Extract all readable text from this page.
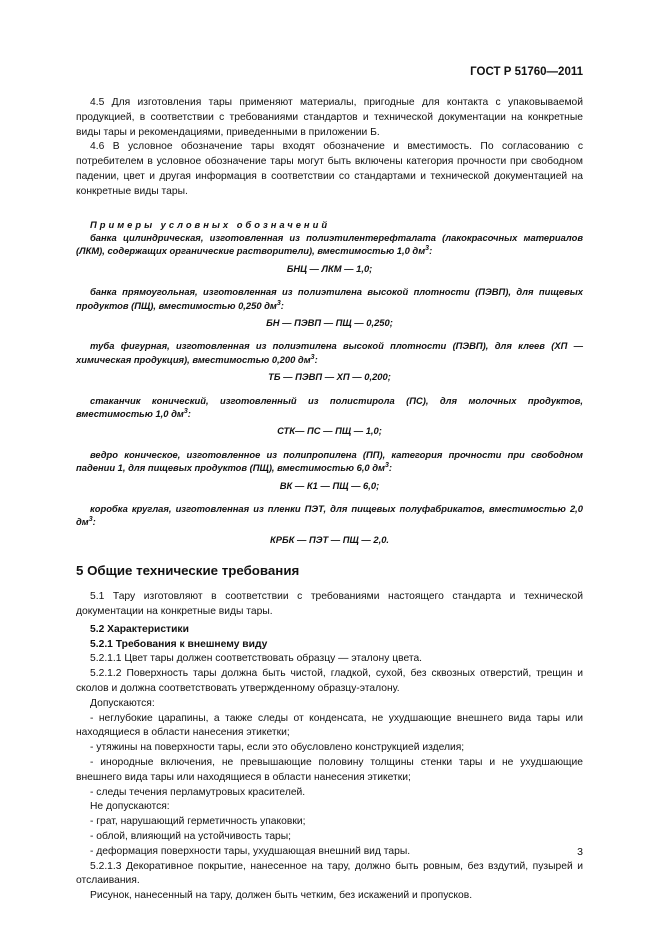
ГОСТ Р 51760—2011

4.5 Для изготовления тары применяют материалы, пригодные для контакта с упаковываемой продукцией, в соответствии с требованиями стандартов и технической документации на конкретные виды тары и рекомендациями, приведенными в приложении Б.

4.6 В условное обозначение тары входят обозначение и вместимость. По согласованию с потребителем в условное обозначение тары могут быть включены категория прочности при свободном падении, цвет и другая информация в соответствии со стандартами и технической документацией на конкретные виды тары.

Примеры условных обозначений

банка цилиндрическая, изготовленная из полиэтилентерефталата (лакокрасочных материалов (ЛКМ), содержащих органические растворители), вместимостью 1,0 $дм^3$:

БНЦ — ЛКМ — 1,0;

банка прямоугольная, изготовленная из полиэтилена высокой плотности (ПЭВП), для пищевых продуктов (ПЩ), вместимостью 0,250 $дм^3$:

БН — ПЭВП — ПЩ — 0,250;

туба фигурная, изготовленная из полиэтилена высокой плотности (ПЭВП), для клеев (ХП — химическая продукция), вместимостью 0,200 $дм^3$:

ТБ — ПЭВП — ХП — 0,200;

стаканчик конический, изготовленный из полистирола (ПС), для молочных продуктов, вместимостью 1,0 $дм^3$:

СТК— ПС — ПЩ — 1,0;

ведро коническое, изготовленное из полипропилена (ПП), категория прочности при свободном падении 1, для пищевых продуктов (ПЩ), вместимостью 6,0 $дм^3$:

ВК — К1 — ПЩ — 6,0;

коробка круглая, изготовленная из пленки ПЭТ, для пищевых полуфабрикатов, вместимостью 2,0 $дм^3$:

КРБК — ПЭТ — ПЩ — 2,0.

5 Общие технические требования

5.1 Тару изготовляют в соответствии с требованиями настоящего стандарта и технической документации на конкретные виды тары.

5.2 Характеристики

5.2.1 Требования к внешнему виду

5.2.1.1 Цвет тары должен соответствовать образцу — эталону цвета.

5.2.1.2 Поверхность тары должна быть чистой, гладкой, сухой, без сквозных отверстий, трещин и сколов и должна соответствовать утвержденному образцу-эталону.

Допускаются:

- неглубокие царапины, а также следы от конденсата, не ухудшающие внешнего вида тары или находящиеся в области нанесения этикетки;

- утяжины на поверхности тары, если это обусловлено конструкцией изделия;

- инородные включения, не превышающие половину толщины стенки тары и не ухудшающие внешнего вида тары или находящиеся в области нанесения этикетки;

- следы течения перламутровых красителей.

Не допускаются:

- грат, нарушающий герметичность упаковки;

- облой, влияющий на устойчивость тары;

- деформация поверхности тары, ухудшающая внешний вид тары.

5.2.1.3 Декоративное покрытие, нанесенное на тару, должно быть ровным, без вздутий, пузырей и отслаивания.

Рисунок, нанесенный на тару, должен быть четким, без искажений и пропусков.

3
